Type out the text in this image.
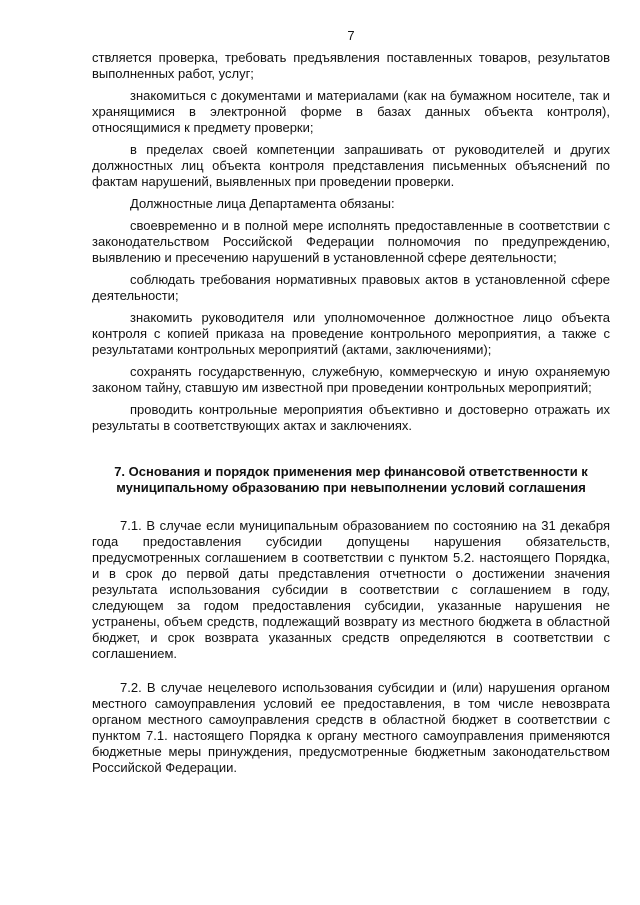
7

ствляется проверка, требовать предъявления поставленных товаров, результатов выполненных работ, услуг;

знакомиться с документами и материалами (как на бумажном носителе, так и хранящимися в электронной форме в базах данных объекта контроля), относящимися к предмету проверки;

в пределах своей компетенции запрашивать от руководителей и других должностных лиц объекта контроля представления письменных объяснений по фактам нарушений, выявленных при проведении проверки.

Должностные лица Департамента обязаны:

своевременно и в полной мере исполнять предоставленные в соответствии с законодательством Российской Федерации полномочия по предупреждению, выявлению и пресечению нарушений в установленной сфере деятельности;

соблюдать требования нормативных правовых актов в установленной сфере деятельности;

знакомить руководителя или уполномоченное должностное лицо объекта контроля с копией приказа на проведение контрольного мероприятия, а также с результатами контрольных мероприятий (актами, заключениями);

сохранять государственную, служебную, коммерческую и иную охраняемую законом тайну, ставшую им известной при проведении контрольных мероприятий;

проводить контрольные мероприятия объективно и достоверно отражать их результаты в соответствующих актах и заключениях.

7. Основания и порядок применения мер финансовой ответственности к муниципальному образованию при невыполнении условий соглашения

7.1. В случае если муниципальным образованием по состоянию на 31 декабря года предоставления субсидии допущены нарушения обязательств, предусмотренных соглашением в соответствии с пунктом 5.2. настоящего Порядка, и в срок до первой даты представления отчетности о достижении значения результата использования субсидии в соответствии с соглашением в году, следующем за годом предоставления субсидии, указанные нарушения не устранены, объем средств, подлежащий возврату из местного бюджета в областной бюджет, и срок возврата указанных средств определяются в соответствии с соглашением.

7.2. В случае нецелевого использования субсидии и (или) нарушения органом местного самоуправления условий ее предоставления, в том числе невозврата органом местного самоуправления средств в областной бюджет в соответствии с пунктом 7.1. настоящего Порядка к органу местного самоуправления применяются бюджетные меры принуждения, предусмотренные бюджетным законодательством Российской Федерации.
